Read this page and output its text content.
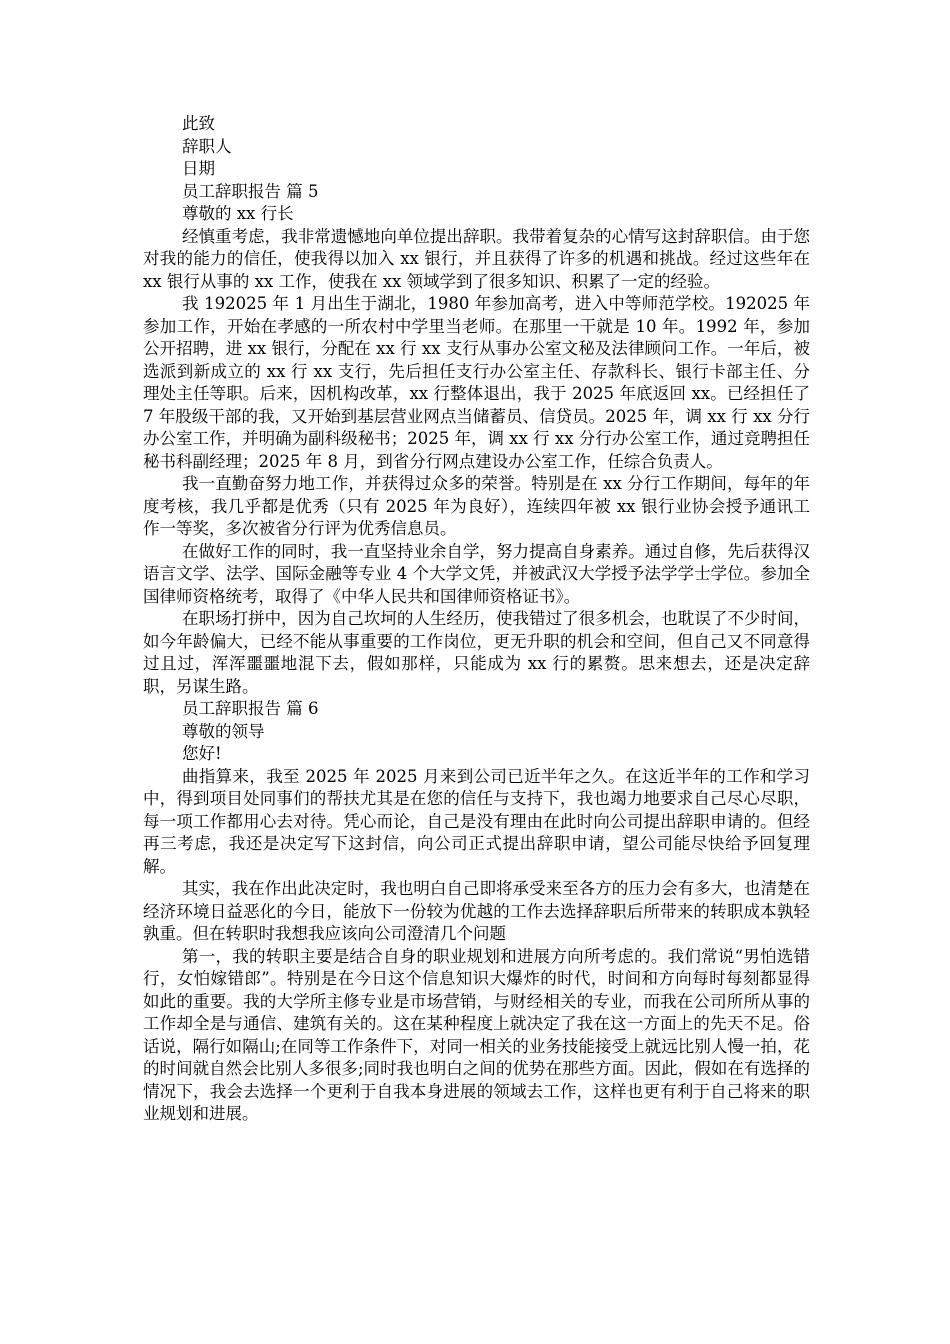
此致

辞职人

日期

员工辞职报告 篇 5

尊敬的 xx 行长

经慎重考虑，我非常遗憾地向单位提出辞职。我带着复杂的心情写这封辞职信。由于您对我的能力的信任，使我得以加入 xx 银行，并且获得了许多的机遇和挑战。经过这些年在 xx 银行从事的 xx 工作，使我在 xx 领域学到了很多知识、积累了一定的经验。

我 192025 年 1 月出生于湖北，1980 年参加高考，进入中等师范学校。192025 年参加工作，开始在孝感的一所农村中学里当老师。在那里一干就是 10 年。1992 年，参加公开招聘，进 xx 银行，分配在 xx 行 xx 支行从事办公室文秘及法律顾问工作。一年后，被选派到新成立的 xx 行 xx 支行，先后担任支行办公室主任、存款科长、银行卡部主任、分理处主任等职。后来，因机构改革，xx 行整体退出，我于 2025 年底返回 xx。已经担任了 7 年股级干部的我，又开始到基层营业网点当储蓄员、信贷员。2025 年，调 xx 行 xx 分行办公室工作，并明确为副科级秘书；2025 年，调 xx 行 xx 分行办公室工作，通过竞聘担任秘书科副经理；2025 年 8 月，到省分行网点建设办公室工作，任综合负责人。

我一直勤奋努力地工作，并获得过众多的荣誉。特别是在 xx 分行工作期间，每年的年度考核，我几乎都是优秀（只有 2025 年为良好），连续四年被 xx 银行业协会授予通讯工作一等奖，多次被省分行评为优秀信息员。

在做好工作的同时，我一直坚持业余自学，努力提高自身素养。通过自修，先后获得汉语言文学、法学、国际金融等专业 4 个大学文凭，并被武汉大学授予法学学士学位。参加全国律师资格统考，取得了《中华人民共和国律师资格证书》。

在职场打拼中，因为自己坎坷的人生经历，使我错过了很多机会，也耽误了不少时间，如今年龄偏大，已经不能从事重要的工作岗位，更无升职的机会和空间，但自己又不同意得过且过，浑浑噩噩地混下去，假如那样，只能成为 xx 行的累赘。思来想去，还是决定辞职，另谋生路。

员工辞职报告 篇 6

尊敬的领导

您好!

曲指算来，我至 2025 年 2025 月来到公司已近半年之久。在这近半年的工作和学习中，得到项目处同事们的帮扶尤其是在您的信任与支持下，我也竭力地要求自己尽心尽职，每一项工作都用心去对待。凭心而论，自己是没有理由在此时向公司提出辞职申请的。但经再三考虑，我还是决定写下这封信，向公司正式提出辞职申请，望公司能尽快给予回复理解。

其实，我在作出此决定时，我也明白自己即将承受来至各方的压力会有多大，也清楚在经济环境日益恶化的今日，能放下一份较为优越的工作去选择辞职后所带来的转职成本孰轻孰重。但在转职时我想我应该向公司澄清几个问题

第一，我的转职主要是结合自身的职业规划和进展方向所考虑的。我们常说“男怕选错行，女怕嫁错郎”。特别是在今日这个信息知识大爆炸的时代，时间和方向每时每刻都显得如此的重要。我的大学所主修专业是市场营销，与财经相关的专业，而我在公司所所从事的工作却全是与通信、建筑有关的。这在某种程度上就决定了我在这一方面上的先天不足。俗话说，隔行如隔山;在同等工作条件下，对同一相关的业务技能接受上就远比别人慢一拍，花的时间就自然会比别人多很多;同时我也明白之间的优势在那些方面。因此，假如在有选择的情况下，我会去选择一个更利于自我本身进展的领域去工作，这样也更有利于自己将来的职业规划和进展。
